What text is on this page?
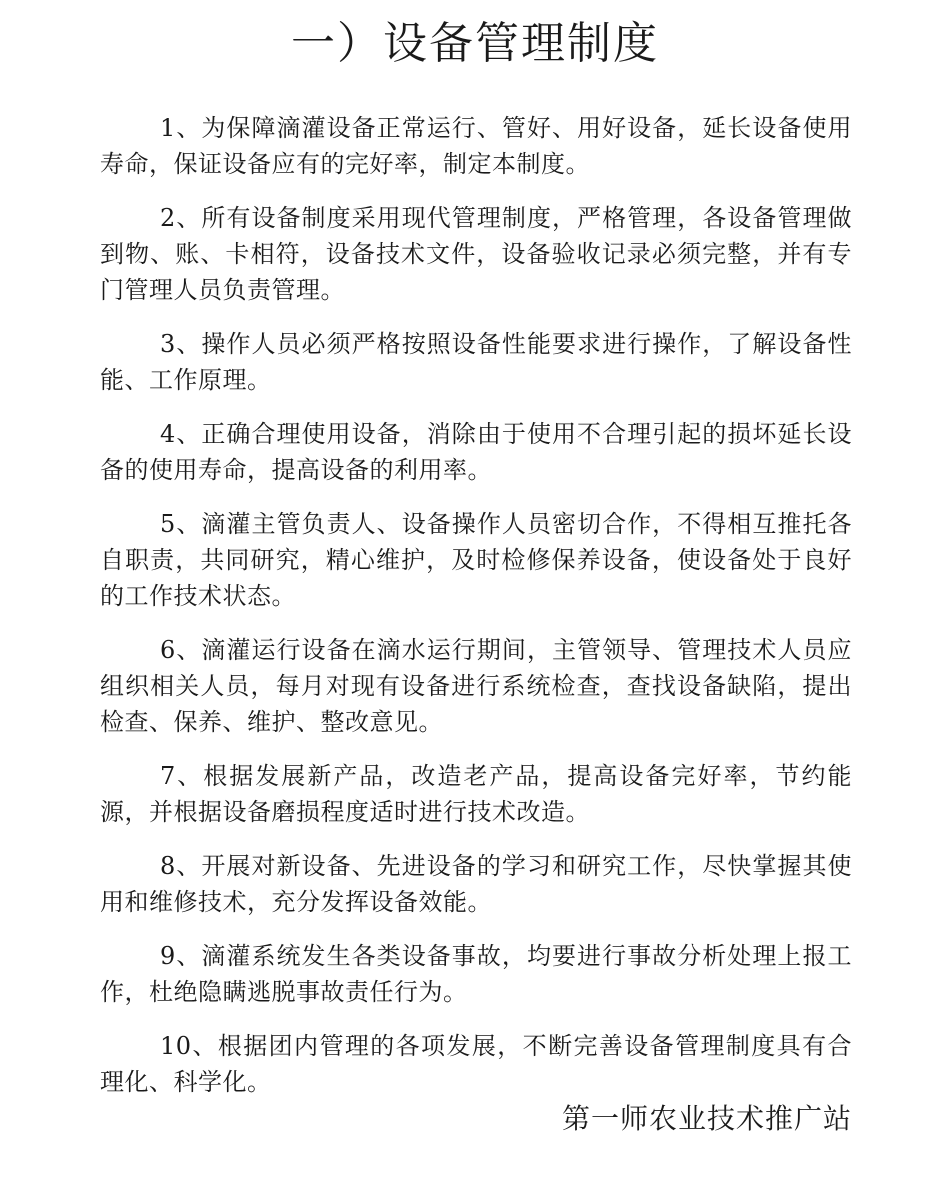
一）设备管理制度

1、为保障滴灌设备正常运行、管好、用好设备，延长设备使用寿命，保证设备应有的完好率，制定本制度。

2、所有设备制度采用现代管理制度，严格管理，各设备管理做到物、账、卡相符，设备技术文件，设备验收记录必须完整，并有专门管理人员负责管理。

3、操作人员必须严格按照设备性能要求进行操作，了解设备性能、工作原理。

4、正确合理使用设备，消除由于使用不合理引起的损坏延长设备的使用寿命，提高设备的利用率。

5、滴灌主管负责人、设备操作人员密切合作，不得相互推托各自职责，共同研究，精心维护，及时检修保养设备，使设备处于良好的工作技术状态。

6、滴灌运行设备在滴水运行期间，主管领导、管理技术人员应组织相关人员，每月对现有设备进行系统检查，查找设备缺陷，提出检查、保养、维护、整改意见。

7、根据发展新产品，改造老产品，提高设备完好率，节约能源，并根据设备磨损程度适时进行技术改造。

8、开展对新设备、先进设备的学习和研究工作，尽快掌握其使用和维修技术，充分发挥设备效能。

9、滴灌系统发生各类设备事故，均要进行事故分析处理上报工作，杜绝隐瞒逃脱事故责任行为。

10、根据团内管理的各项发展，不断完善设备管理制度具有合理化、科学化。

第一师农业技术推广站
